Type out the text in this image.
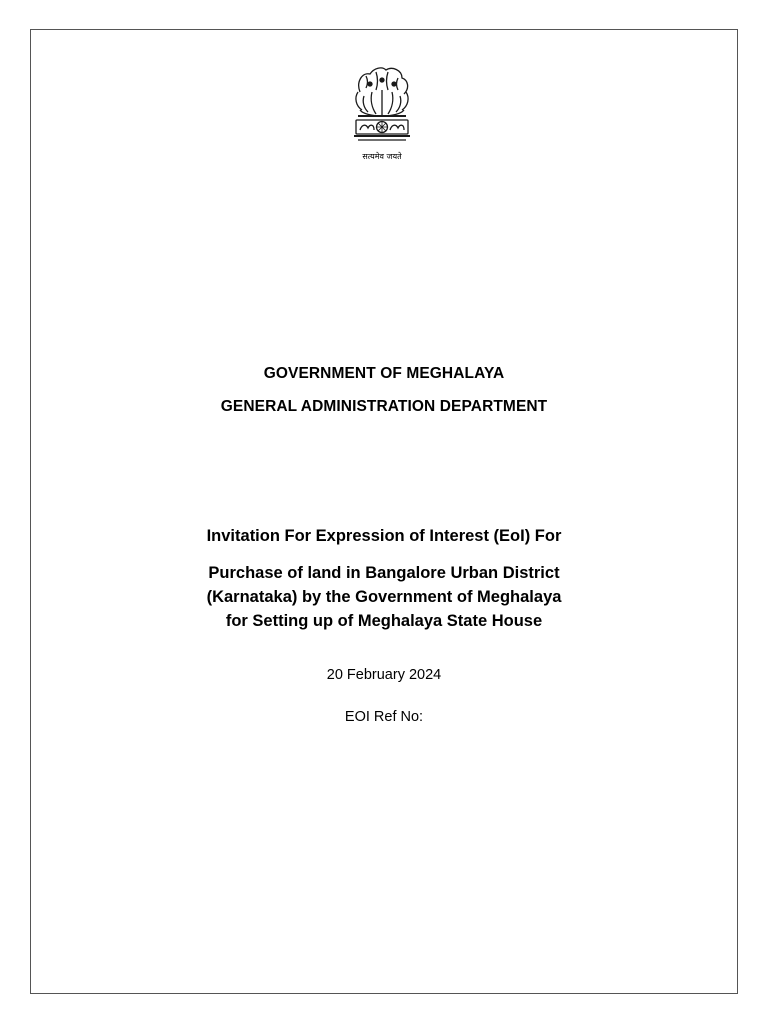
सत्यमेव जयते
GOVERNMENT OF MEGHALAYA
GENERAL ADMINISTRATION DEPARTMENT
Invitation For Expression of Interest (EoI) For
Purchase of land in Bangalore Urban District
(Karnataka) by the Government of Meghalaya
for Setting up of Meghalaya State House
20 February 2024
EOI Ref No:
